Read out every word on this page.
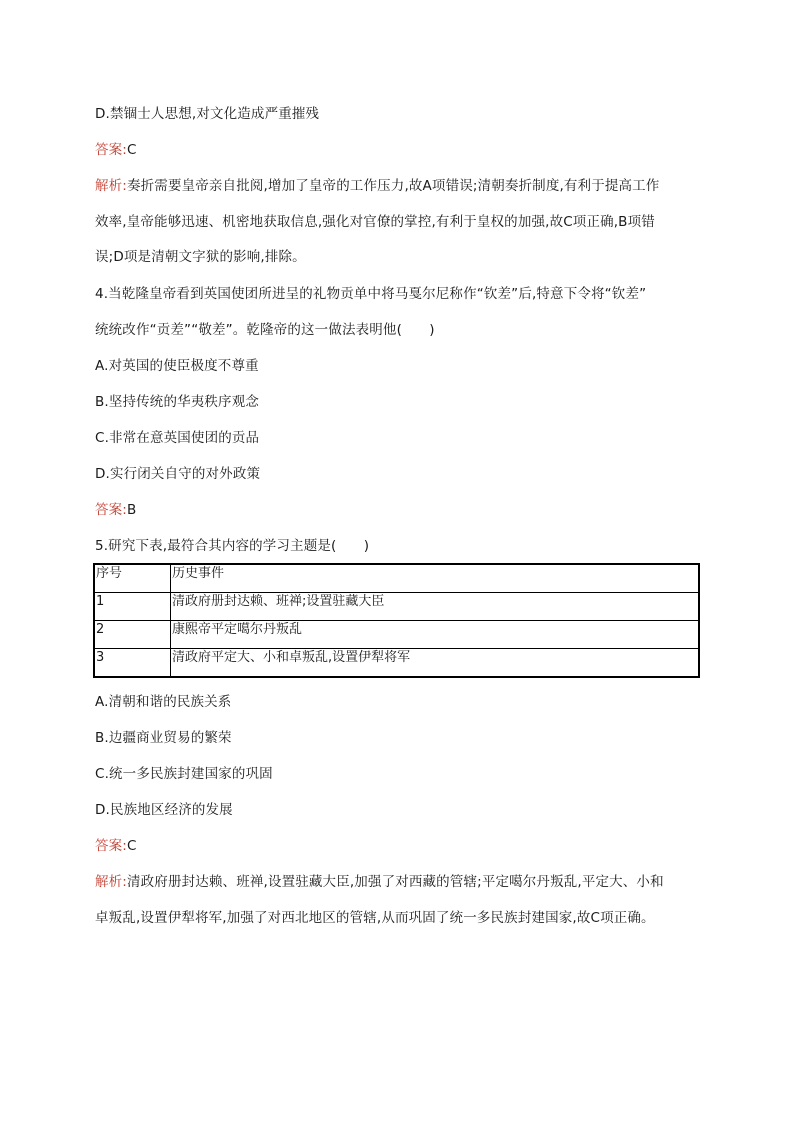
D.禁锢士人思想,对文化造成严重摧残

答案:C

解析:奏折需要皇帝亲自批阅,增加了皇帝的工作压力,故A项错误;清朝奏折制度,有利于提高工作

效率,皇帝能够迅速、机密地获取信息,强化对官僚的掌控,有利于皇权的加强,故C项正确,B项错

误;D项是清朝文字狱的影响,排除。

4.当乾隆皇帝看到英国使团所进呈的礼物贡单中将马戛尔尼称作“钦差”后,特意下令将“钦差”

统统改作“贡差”“敬差”。乾隆帝的这一做法表明他(　　)

A.对英国的使臣极度不尊重

B.坚持传统的华夷秩序观念

C.非常在意英国使团的贡品

D.实行闭关自守的对外政策

答案:B

5.研究下表,最符合其内容的学习主题是(　　)

序号	历史事件
1	清政府册封达赖、班禅;设置驻藏大臣
2	康熙帝平定噶尔丹叛乱
3	清政府平定大、小和卓叛乱,设置伊犁将军

A.清朝和谐的民族关系

B.边疆商业贸易的繁荣

C.统一多民族封建国家的巩固

D.民族地区经济的发展

答案:C

解析:清政府册封达赖、班禅,设置驻藏大臣,加强了对西藏的管辖;平定噶尔丹叛乱,平定大、小和

卓叛乱,设置伊犁将军,加强了对西北地区的管辖,从而巩固了统一多民族封建国家,故C项正确。
